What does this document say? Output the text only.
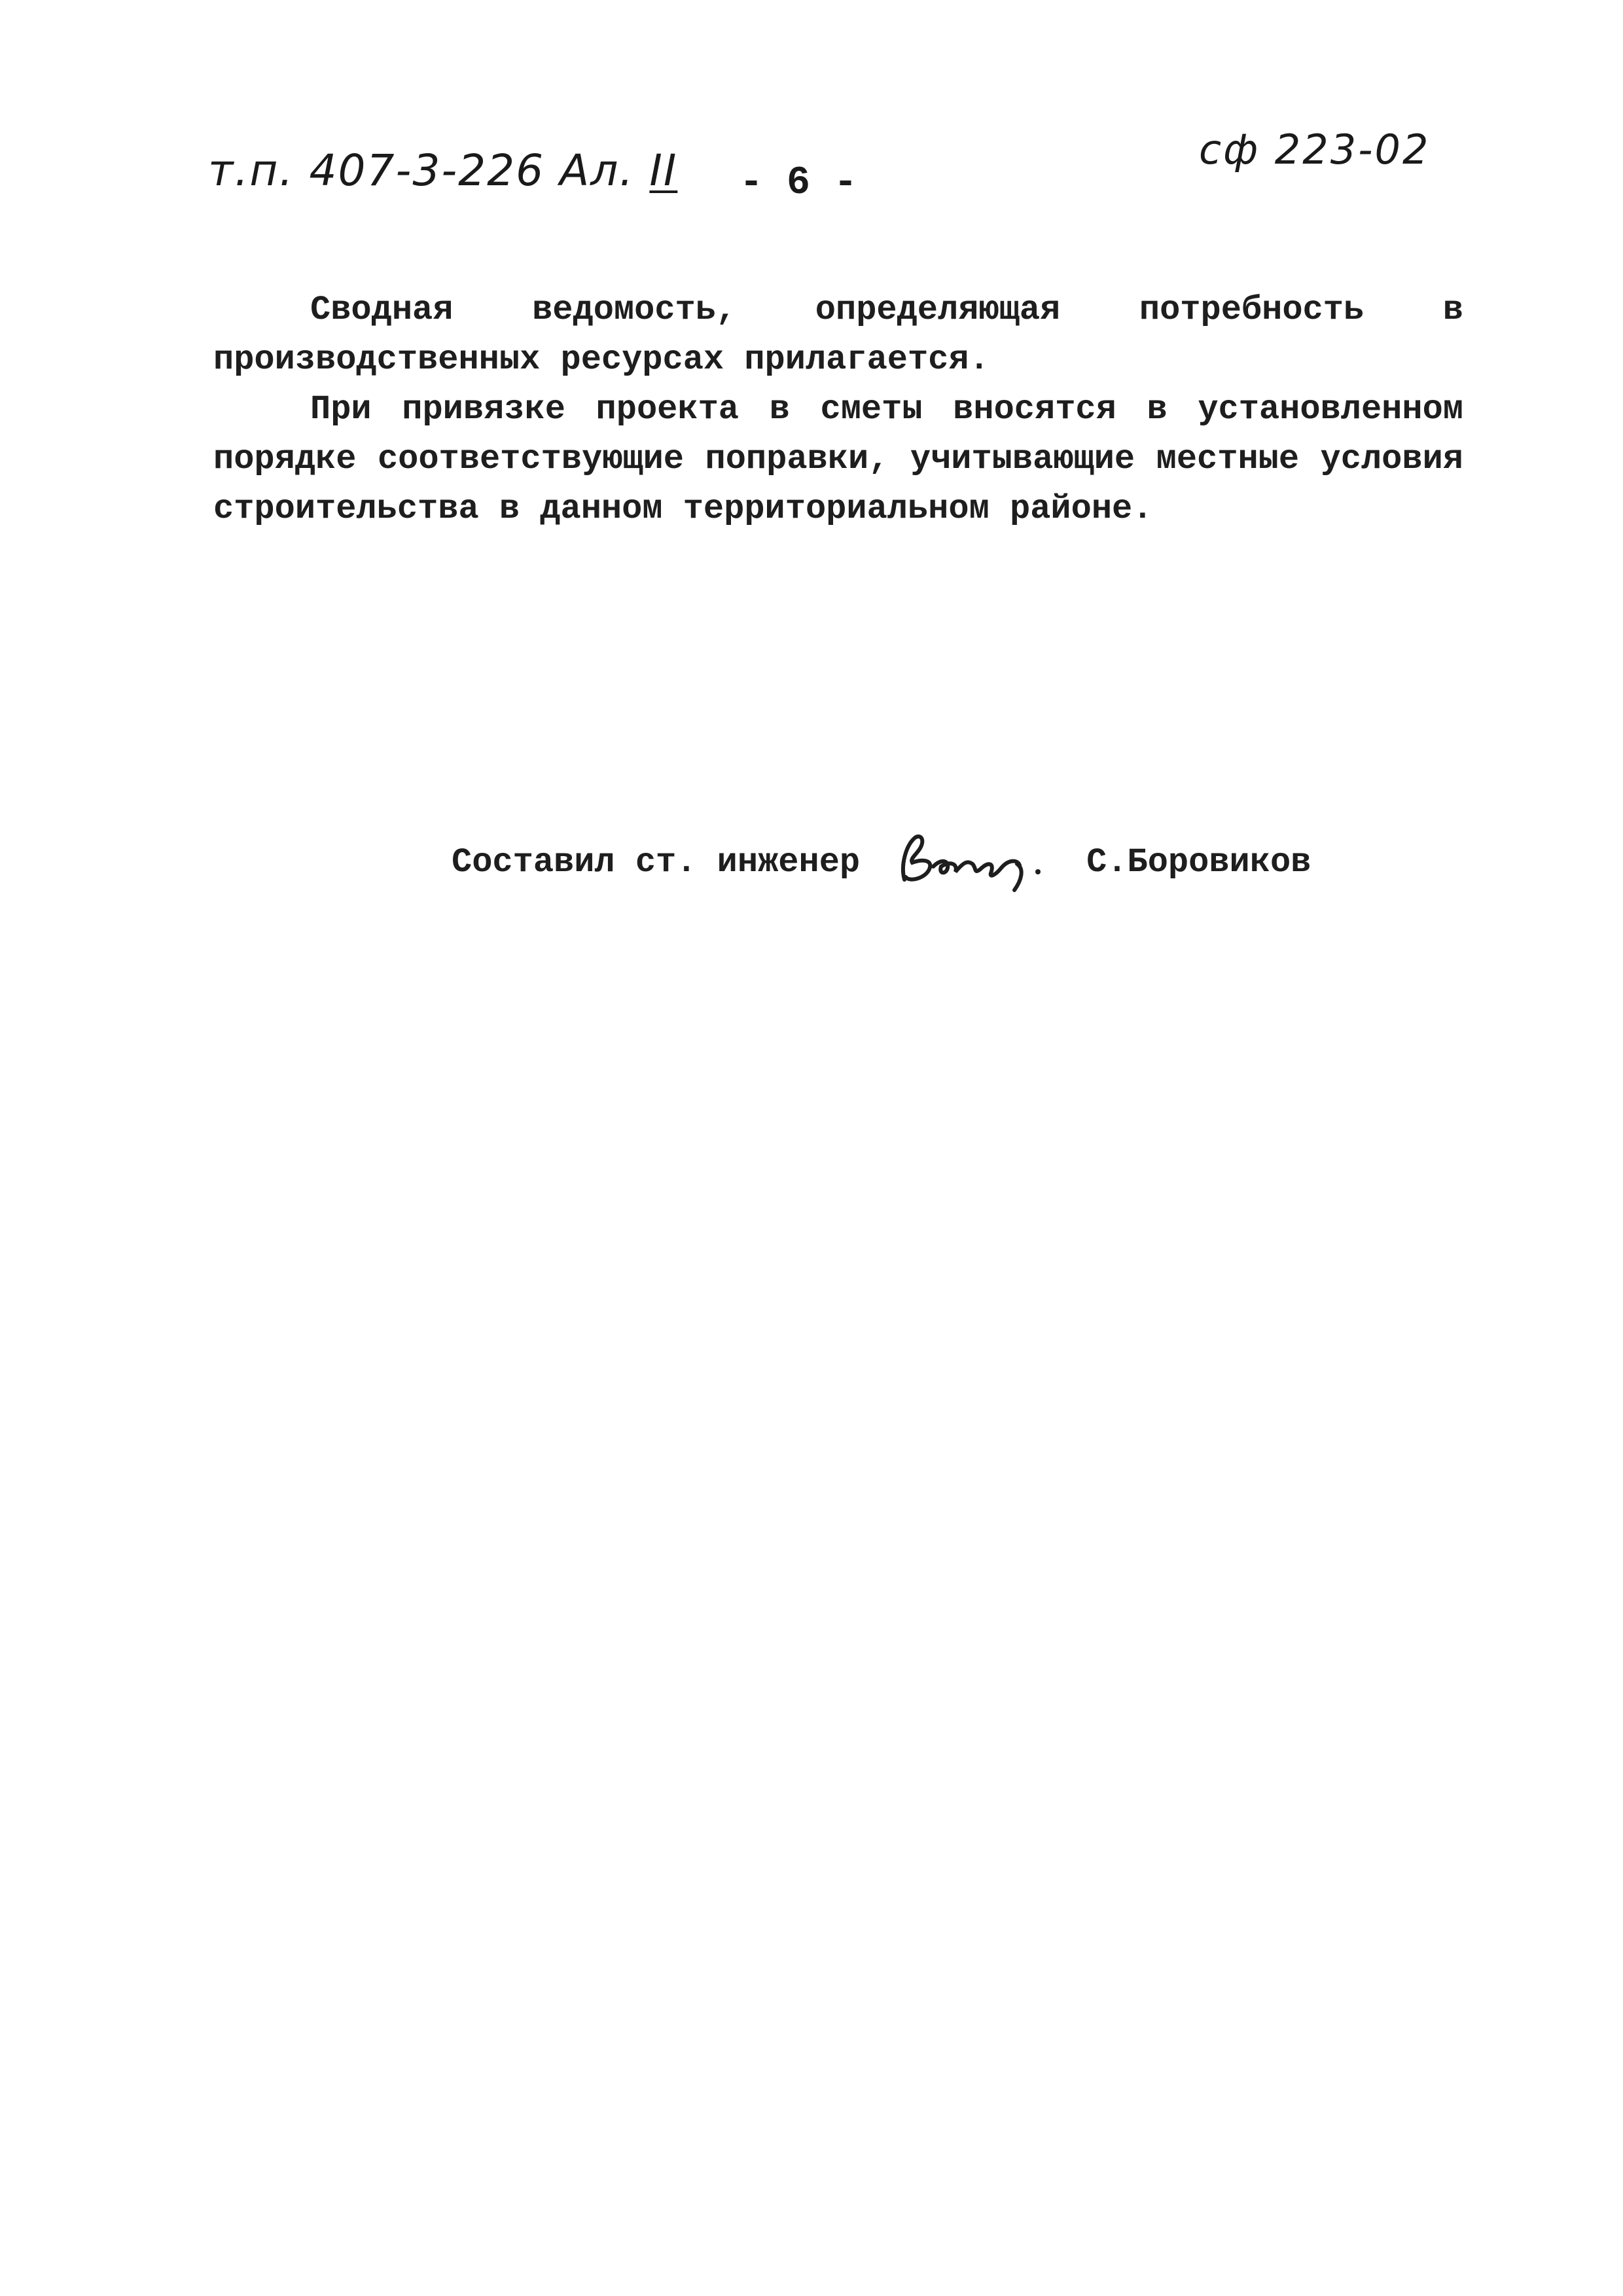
т.п. 407-3-226 Ал. II - 6 -
сф 223-02

Сводная ведомость, определяющая потребность в производственных ресурсах прилагается.

При привязке проекта в сметы вносятся в установленном порядке соответствующие поправки, учитывающие местные условия строительства в данном территориальном районе.

Составил ст. инженер	С.Боровиков
